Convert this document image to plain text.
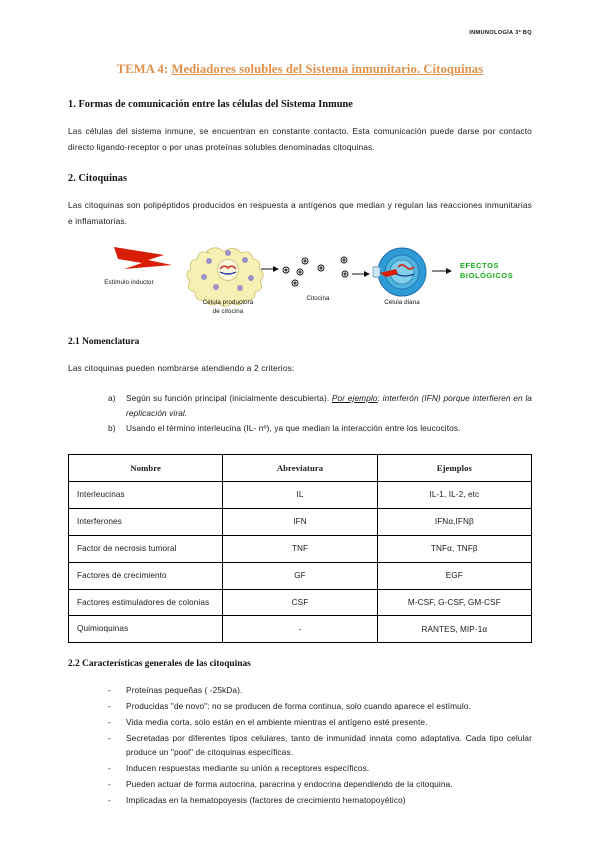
INMUNOLOGÍA 3º BQ
TEMA 4: Mediadores solubles del Sistema inmunitario. Citoquinas
1. Formas de comunicación entre las células del Sistema Inmune

Las células del sistema inmune, se encuentran en constante contacto. Esta comunicación puede darse por contacto directo ligando-receptor o por unas proteínas solubles denominadas citoquinas.

2. Citoquinas

Las citoquinas son polipéptidos producidos en respuesta a antígenos que median y regulan las reacciones inmunitarias e inflamatorias.

Estímulo inductor
Célula productora
de citocina
Citocina
Célula diana
EFECTOS
BIOLÓGICOS
2.1 Nomenclatura

Las citoquinas pueden nombrarse atendiendo a 2 criterios:

Según su función principal (inicialmente descubierta). Por ejemplo: interferón (IFN) porque interfieren en la replicación viral.
Usando el término interleucina (IL- nº), ya que median la interacción entre los leucocitos.
Nombre	Abreviatura	Ejemplos
Interleucinas	IL	IL-1, IL-2, etc
Interferones	IFN	IFNα,IFNβ
Factor de necrosis tumoral	TNF	TNFα, TNFβ
Factores de crecimiento	GF	EGF
Factores estimuladores de colonias	CSF	M-CSF, G-CSF, GM-CSF
Quimioquinas	-	RANTES, MIP-1α
2.2 Características generales de las citoquinas
- Proteínas pequeñas ( -25kDa).
- Producidas "de novo": no se producen de forma continua, solo cuando aparece el estímulo.
- Vida media corta, solo están en el ambiente mientras el antígeno esté presente.
- Secretadas por diferentes tipos celulares, tanto de inmunidad innata como adaptativa. Cada tipo celular produce un "pool" de citoquinas específicas.
- Inducen respuestas mediante su unión a receptores específicos.
- Pueden actuar de forma autocrina, paracrina y endocrina dependiendo de la citoquina.
- Implicadas en la hematopoyesis (factores de crecimiento hematopoyético)
